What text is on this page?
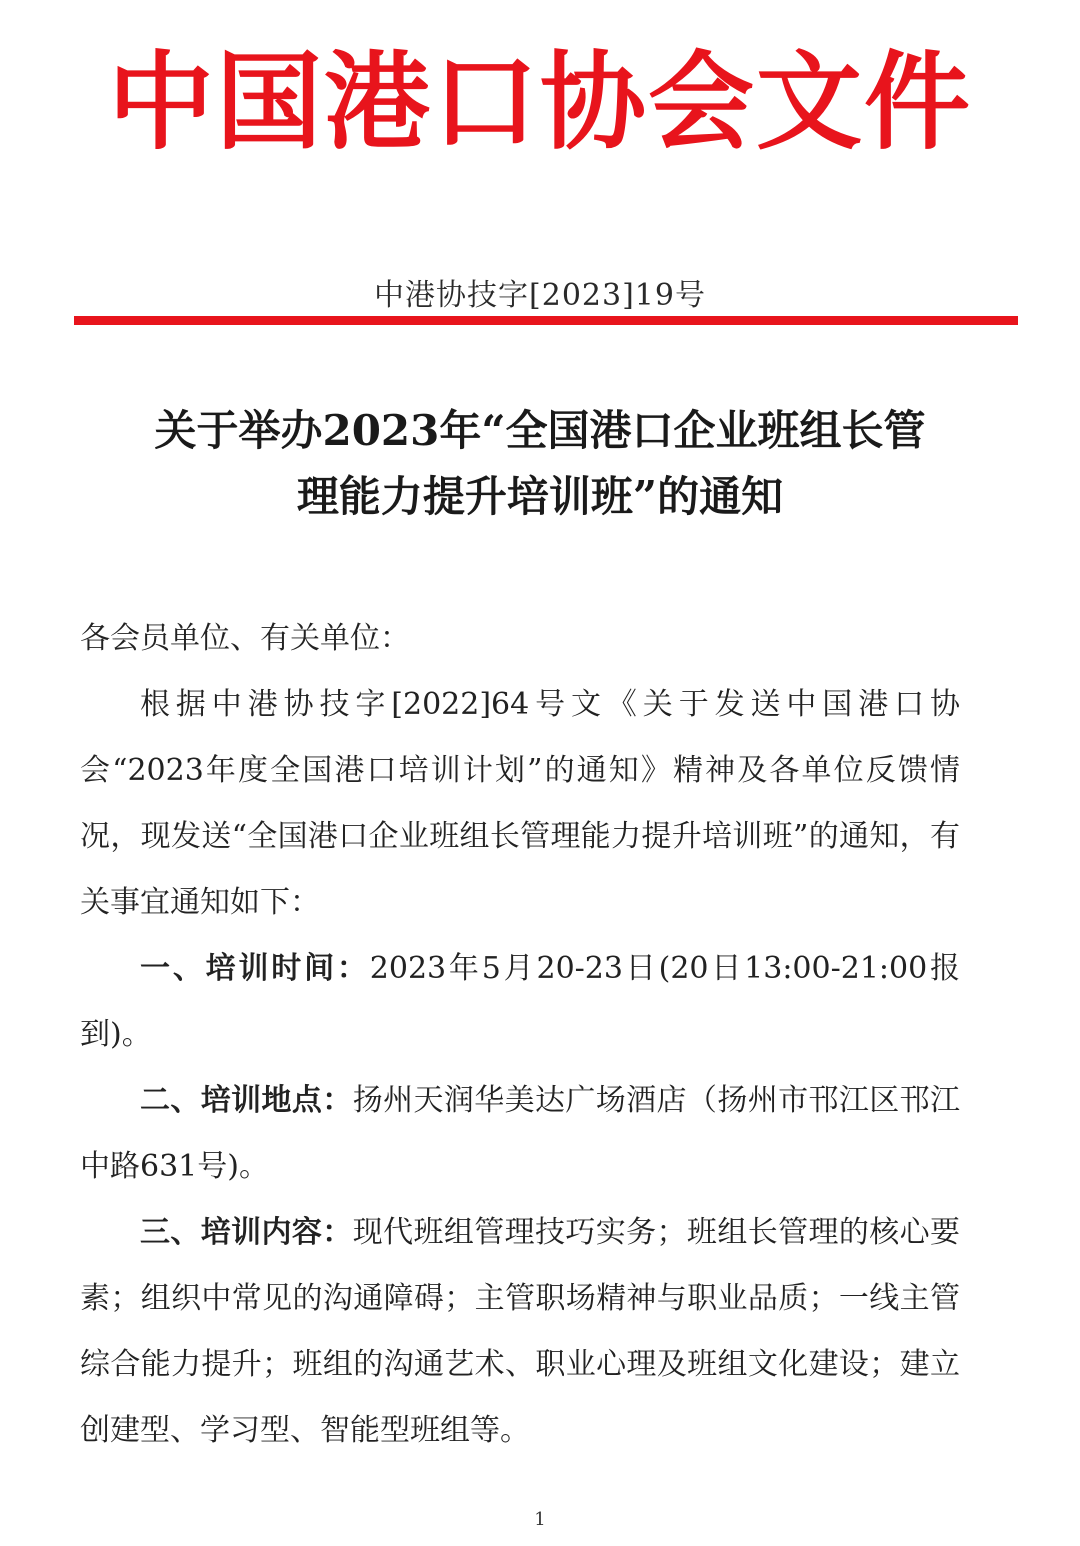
中国港口协会文件
中港协技字[2023]19号
关于举办2023年“全国港口企业班组长管
理能力提升培训班”的通知

各会员单位、有关单位：

根据中港协技字[2022]64号文《关于发送中国港口协会“2023年度全国港口培训计划”的通知》精神及各单位反馈情况，现发送“全国港口企业班组长管理能力提升培训班”的通知，有关事宜通知如下：

一、培训时间：2023年5月20-23日(20日13:00-21:00报到)。

二、培训地点：扬州天润华美达广场酒店（扬州市邗江区邗江中路631号)。

三、培训内容：现代班组管理技巧实务；班组长管理的核心要素；组织中常见的沟通障碍；主管职场精神与职业品质；一线主管综合能力提升；班组的沟通艺术、职业心理及班组文化建设；建立创建型、学习型、智能型班组等。

1
